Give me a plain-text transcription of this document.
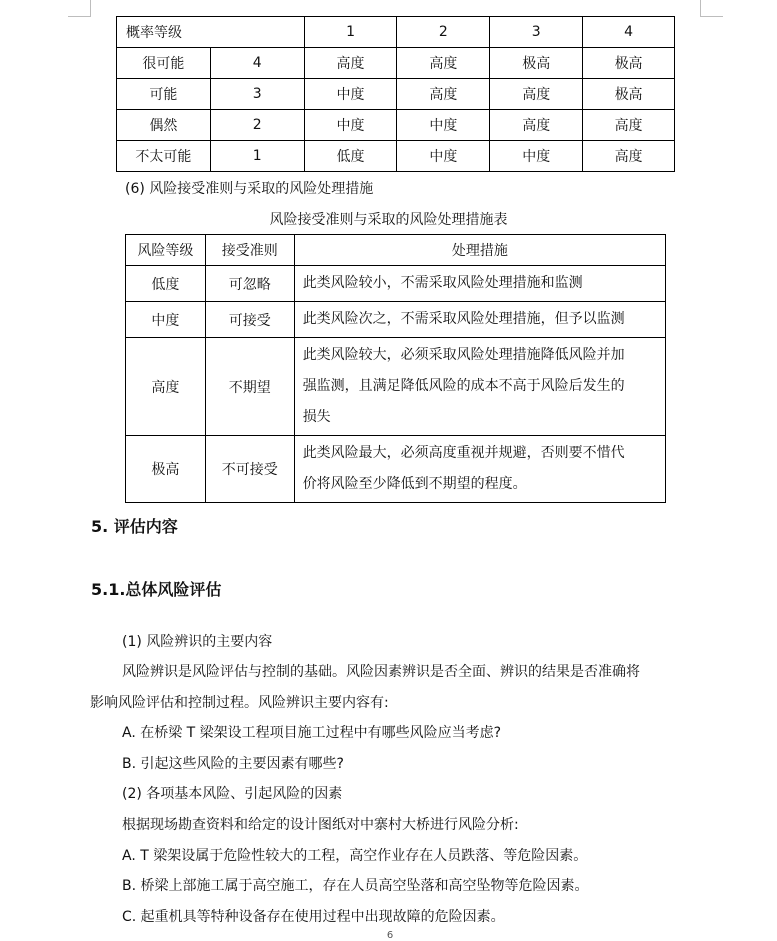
概率等级		1	2	3	4
很可能	4	高度	高度	极高	极高
可能	3	中度	高度	高度	极高
偶然	2	中度	中度	高度	高度
不太可能	1	低度	中度	中度	高度
(6) 风险接受准则与采取的风险处理措施
风险接受准则与采取的风险处理措施表
风险等级	接受准则	处理措施
低度	可忽略	此类风险较小，不需采取风险处理措施和监测

中度	可接受	此类风险次之，不需采取风险处理措施，但予以监测

高度	不期望	此类风险较大，必须采取风险处理措施降低风险并加
强监测，且满足降低风险的成本不高于风险后发生的
损失

极高	不可接受	此类风险最大，必须高度重视并规避，否则要不惜代
价将风险至少降低到不期望的程度。
5. 评估内容
5.1.总体风险评估
(1) 风险辨识的主要内容
风险辨识是风险评估与控制的基础。风险因素辨识是否全面、辨识的结果是否准确将
影响风险评估和控制过程。风险辨识主要内容有:
A. 在桥梁 T 梁架设工程项目施工过程中有哪些风险应当考虑?
B. 引起这些风险的主要因素有哪些?
(2) 各项基本风险、引起风险的因素
根据现场勘查资料和给定的设计图纸对中寨村大桥进行风险分析:
A. T 梁架设属于危险性较大的工程，高空作业存在人员跌落、等危险因素。
B. 桥梁上部施工属于高空施工，存在人员高空坠落和高空坠物等危险因素。
C. 起重机具等特种设备存在使用过程中出现故障的危险因素。
6
